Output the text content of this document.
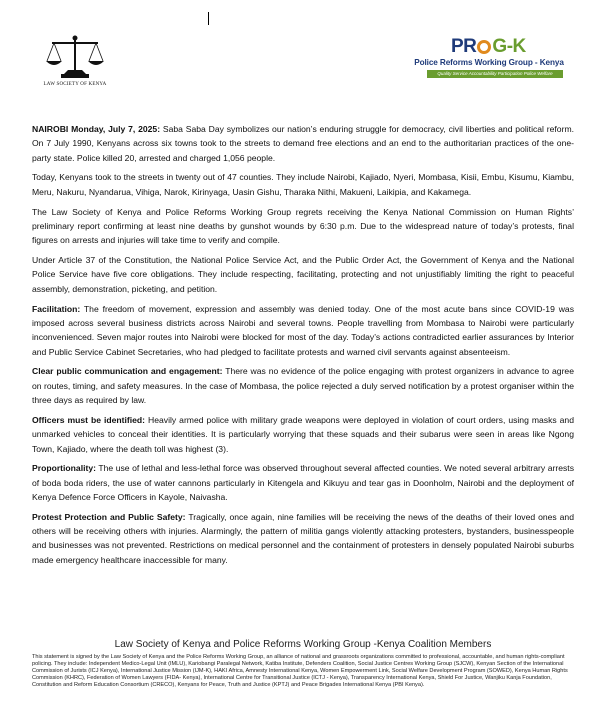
LAW SOCIETY OF KENYA
PR G-K
Police Reforms Working Group - Kenya
Quality Service Accountability Participation Police Welfare

NAIROBI Monday, July 7, 2025: Saba Saba Day symbolizes our nation’s enduring struggle for democracy, civil liberties and political reform. On 7 July 1990, Kenyans across six towns took to the streets to demand free elections and an end to the authoritarian practices of the one-party state. Police killed 20, arrested and charged 1,056 people.

Today, Kenyans took to the streets in twenty out of 47 counties. They include Nairobi, Kajiado, Nyeri, Mombasa, Kisii, Embu, Kisumu, Kiambu, Meru, Nakuru, Nyandarua, Vihiga, Narok, Kirinyaga, Uasin Gishu, Tharaka Nithi, Makueni, Laikipia, and Kakamega.

The Law Society of Kenya and Police Reforms Working Group regrets receiving the Kenya National Commission on Human Rights’ preliminary report confirming at least nine deaths by gunshot wounds by 6:30 p.m. Due to the widespread nature of today’s protests, final figures on arrests and injuries will take time to verify and compile.

Under Article 37 of the Constitution, the National Police Service Act, and the Public Order Act, the Government of Kenya and the National Police Service have five core obligations. They include respecting, facilitating, protecting and not unjustifiably limiting the right to peaceful assembly, demonstration, picketing, and petition.

Facilitation: The freedom of movement, expression and assembly was denied today. One of the most acute bans since COVID-19 was imposed across several business districts across Nairobi and several towns. People travelling from Mombasa to Nairobi were particularly inconvenienced. Seven major routes into Nairobi were blocked for most of the day. Today’s actions contradicted earlier assurances by Interior and Public Service Cabinet Secretaries, who had pledged to facilitate protests and warned civil servants against absenteeism.

Clear public communication and engagement: There was no evidence of the police engaging with protest organizers in advance to agree on routes, timing, and safety measures. In the case of Mombasa, the police rejected a duly served notification by a protest organiser within the three days as required by law.

Officers must be identified: Heavily armed police with military grade weapons were deployed in violation of court orders, using masks and unmarked vehicles to conceal their identities. It is particularly worrying that these squads and their subarus were seen in areas like Ngong Town, Kajiado, where the death toll was highest (3).

Proportionality: The use of lethal and less-lethal force was observed throughout several affected counties. We noted several arbitrary arrests of boda boda riders, the use of water cannons particularly in Kitengela and Kikuyu and tear gas in Doonholm, Nairobi and the deployment of Kenya Defence Force Officers in Kayole, Naivasha.

Protest Protection and Public Safety: Tragically, once again, nine families will be receiving the news of the deaths of their loved ones and others will be receiving others with injuries. Alarmingly, the pattern of militia gangs violently attacking protesters, bystanders, businesspeople and businesses was not prevented. Restrictions on medical personnel and the containment of protesters in densely populated Nairobi suburbs made emergency healthcare inaccessible for many.

Law Society of Kenya and Police Reforms Working Group -Kenya Coalition Members
This statement is signed by the Law Society of Kenya and the Police Reforms Working Group, an alliance of national and grassroots organizations committed to professional, accountable, and human rights-compliant policing. They include: Independent Medico-Legal Unit (IMLU), Kariobangi Paralegal Network, Katiba Institute, Defenders Coalition, Social Justice Centres Working Group (SJCW), Kenyan Section of the International Commission of Jurists (ICJ Kenya), International Justice Mission (IJM-K), HAKI Africa, Amnesty International Kenya, Women Empowerment Link, Social Welfare Development Program (SOWED), Kenya Human Rights Commission (KHRC), Federation of Women Lawyers (FIDA- Kenya), International Centre for Transitional Justice (ICTJ - Kenya), Transparency International Kenya, Shield For Justice, Wanjiku Kanja Foundation, Constitution and Reform Education Consortium (CRECO), Kenyans for Peace, Truth and Justice (KPTJ) and Peace Brigades International Kenya (PBI Kenya).
